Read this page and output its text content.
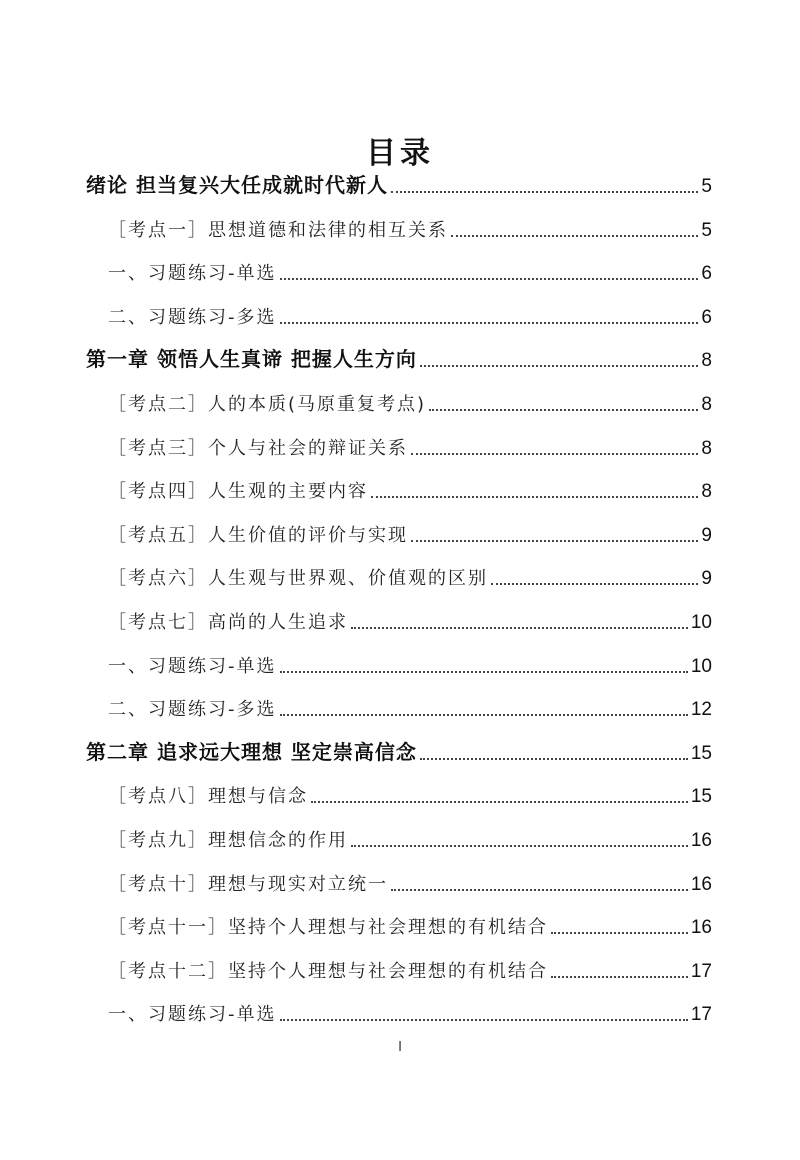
目录
绪论 担当复兴大任成就时代新人	5
［考点一］思想道德和法律的相互关系	5
一、习题练习-单选	6
二、习题练习-多选	6
第一章 领悟人生真谛 把握人生方向	8
［考点二］人的本质(马原重复考点)	8
［考点三］个人与社会的辩证关系	8
［考点四］人生观的主要内容	8
［考点五］人生价值的评价与实现	9
［考点六］人生观与世界观、价值观的区别	9
［考点七］高尚的人生追求	10
一、习题练习-单选	10
二、习题练习-多选	12
第二章 追求远大理想 坚定崇高信念	15
［考点八］理想与信念	15
［考点九］理想信念的作用	16
［考点十］理想与现实对立统一	16
［考点十一］坚持个人理想与社会理想的有机结合	16
［考点十二］坚持个人理想与社会理想的有机结合	17
一、习题练习-单选	17
I
